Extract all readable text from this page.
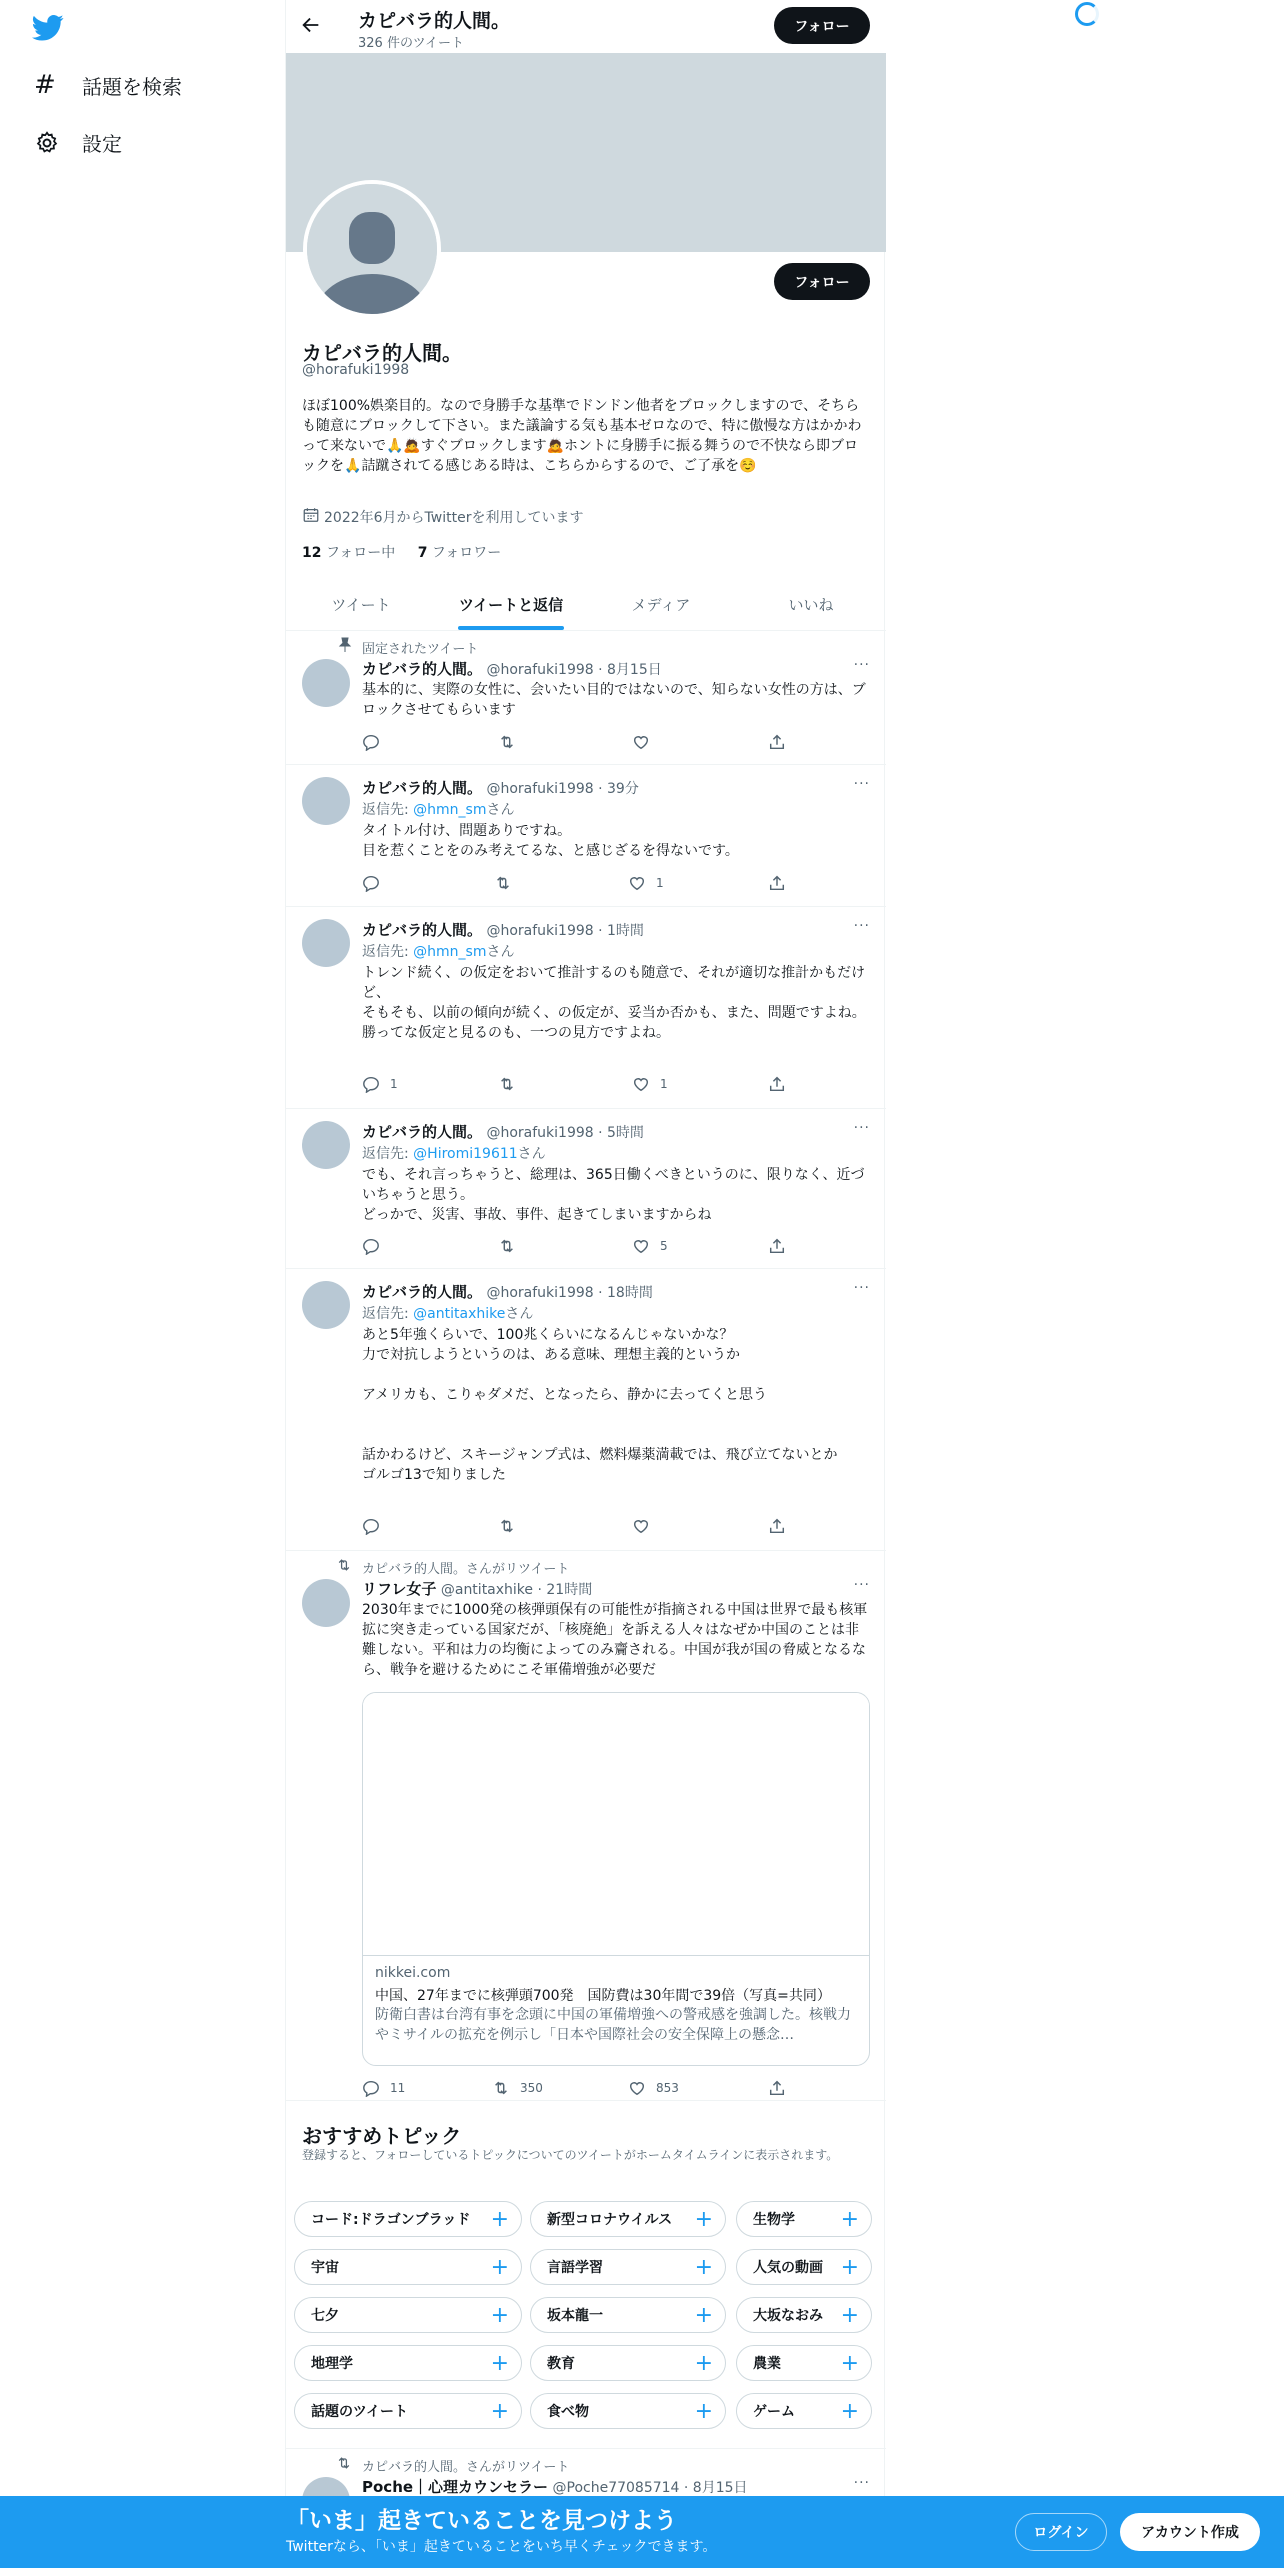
# 話題を検索
設定
カピバラ的人間。
326 件のツイート
フォロー
フォロー
カピバラ的人間。
@horafuki1998
ほぼ100%娯楽目的。なので身勝手な基準でドンドン他者をブロックしますので、そちらも随意にブロックして下さい。また議論する気も基本ゼロなので、特に傲慢な方はかかわって来ないで🙏🙇すぐブロックします🙇ホントに身勝手に振る舞うので不快なら即ブロックを🙏詰蹴されてる感じある時は、こちらからするので、ご了承を☺️
2022年6月からTwitterを利用しています
12 フォロー中 7 フォロワー
ツイート	ツイートと返信	メディア	いいね
固定されたツイート
カピバラ的人間。 @horafuki1998 · 8月15日	···
基本的に、実際の女性に、会いたい目的ではないので、知らない女性の方は、ブロックさせてもらいます
カピバラ的人間。 @horafuki1998 · 39分	···
返信先: @hmn_smさん
タイトル付け、問題ありですね。
目を惹くことをのみ考えてるな、と感じざるを得ないです。
1
カピバラ的人間。 @horafuki1998 · 1時間	···
返信先: @hmn_smさん
トレンド続く、の仮定をおいて推計するのも随意で、それが適切な推計かもだけど、
そもそも、以前の傾向が続く、の仮定が、妥当か否かも、また、問題ですよね。
勝ってな仮定と見るのも、一つの見方ですよね。
1	1
カピバラ的人間。 @horafuki1998 · 5時間	···
返信先: @Hiromi19611さん
でも、それ言っちゃうと、総理は、365日働くべきというのに、限りなく、近づいちゃうと思う。
どっかで、災害、事故、事件、起きてしまいますからね
5
カピバラ的人間。 @horafuki1998 · 18時間	···
返信先: @antitaxhikeさん
あと5年強くらいで、100兆くらいになるんじゃないかな？
力で対抗しようというのは、ある意味、理想主義的というか

アメリカも、こりゃダメだ、となったら、静かに去ってくと思う

話かわるけど、スキージャンプ式は、燃料爆薬満載では、飛び立てないとか
ゴルゴ13で知りました
カピバラ的人間。さんがリツイート
リフレ女子 @antitaxhike · 21時間	···
2030年までに1000発の核弾頭保有の可能性が指摘される中国は世界で最も核軍拡に突き走っている国家だが、「核廃絶」を訴える人々はなぜか中国のことは非難しない。平和は力の均衡によってのみ齎される。中国が我が国の脅威となるなら、戦争を避けるためにこそ軍備増強が必要だ
nikkei.com
中国、27年までに核弾頭700発　国防費は30年間で39倍（写真=共同）
防衛白書は台湾有事を念頭に中国の軍備増強への警戒感を強調した。核戦力やミサイルの拡充を例示し「日本や国際社会の安全保障上の懸念…
11	350	853
おすすめトピック
登録すると、フォローしているトピックについてのツイートがホームタイムラインに表示されます。
コード:ドラゴンブラッド +	新型コロナウイルス +	生物学 +
宇宙	+	言語学習	+	人気の動画 +
七夕	+	坂本龍一	+	大坂なおみ +
地理学	+	教育	+	農業	+
話題のツイート	+	食べ物	+	ゲーム +
カピバラ的人間。さんがリツイート
Poche｜心理カウンセラー @Poche77085714 · 8月15日	···
「いま」起きていることを見つけよう
Twitterなら、「いま」起きていることをいち早くチェックできます。
ログイン	アカウント作成
